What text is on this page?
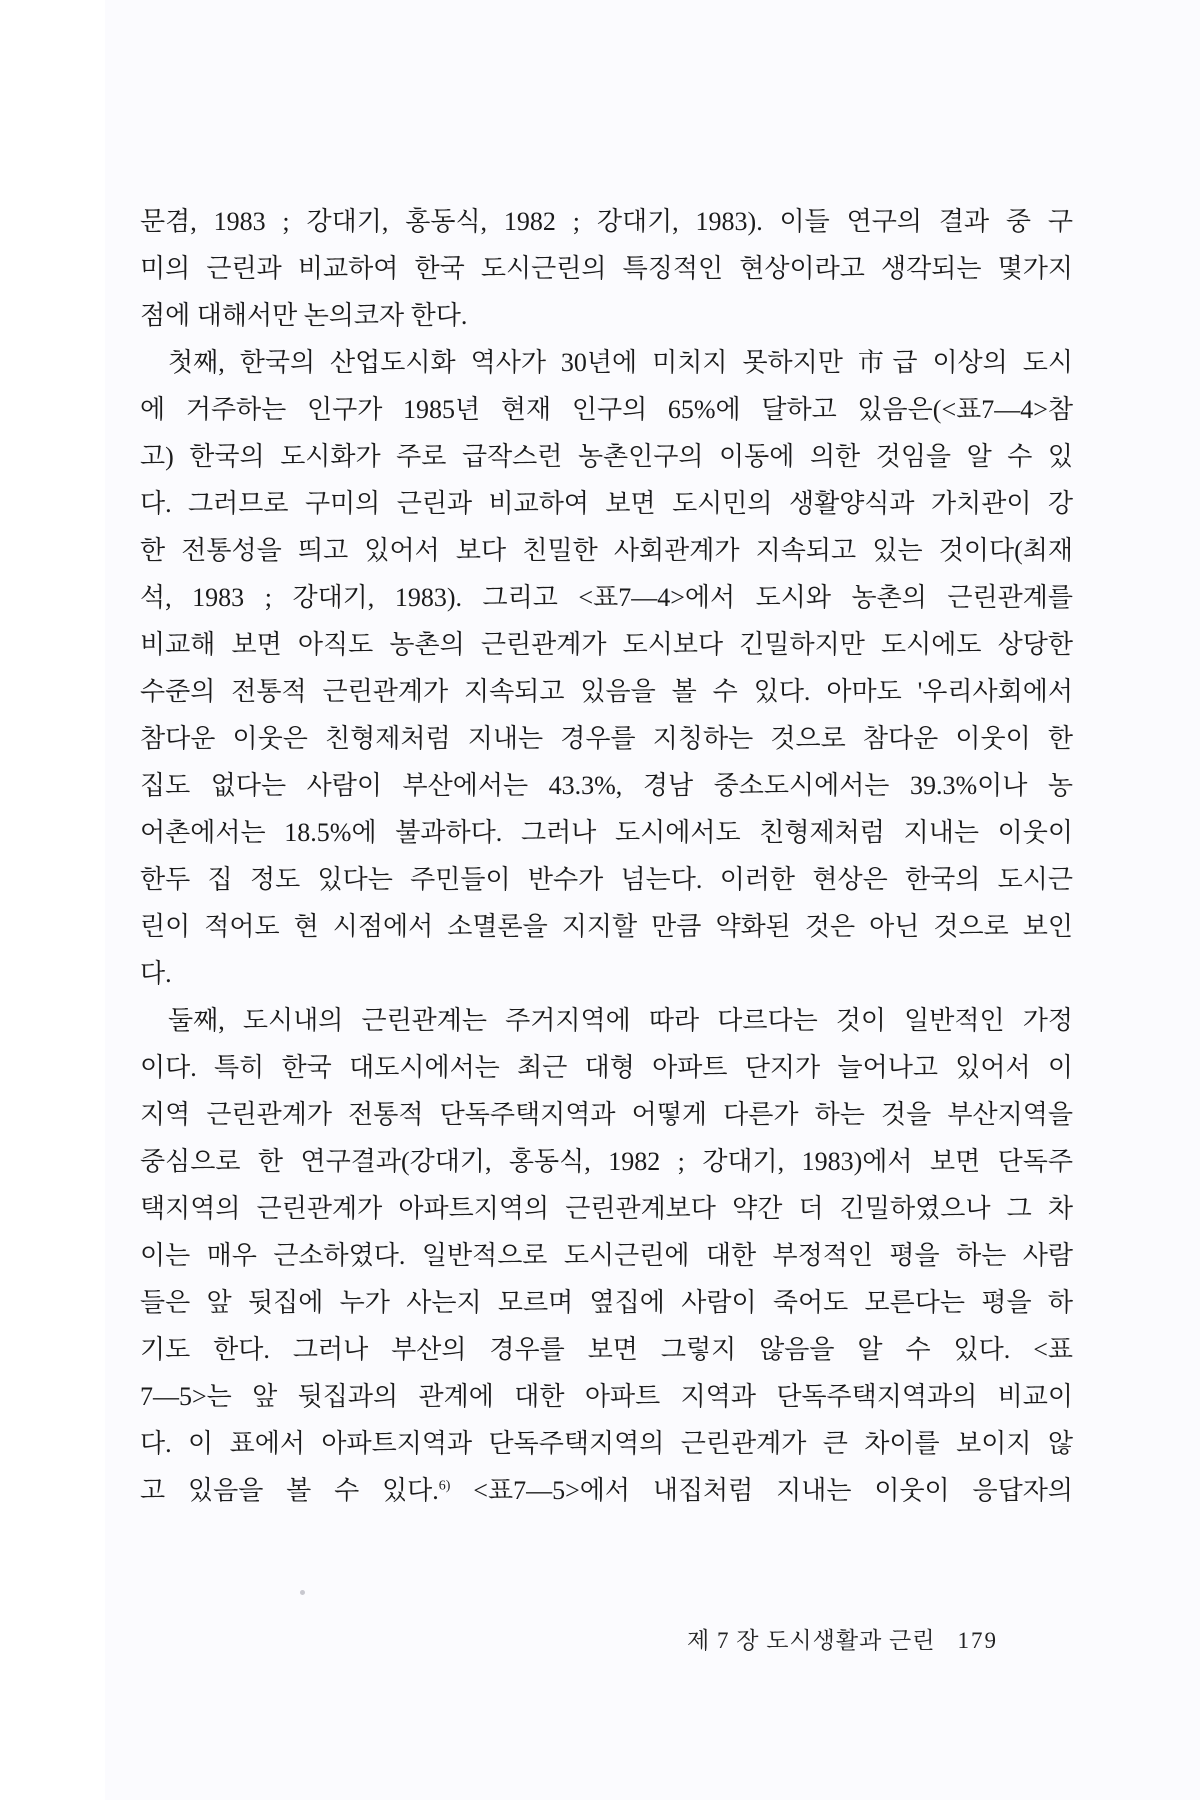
문겸, 1983 ; 강대기, 홍동식, 1982 ; 강대기, 1983). 이들 연구의 결과 중 구
미의 근린과 비교하여 한국 도시근린의 특징적인 현상이라고 생각되는 몇가지
점에 대해서만 논의코자 한다.
첫째, 한국의 산업도시화 역사가 30년에 미치지 못하지만 市급 이상의 도시
에 거주하는 인구가 1985년 현재 인구의 65%에 달하고 있음은(<표7—4>참
고) 한국의 도시화가 주로 급작스런 농촌인구의 이동에 의한 것임을 알 수 있
다. 그러므로 구미의 근린과 비교하여 보면 도시민의 생활양식과 가치관이 강
한 전통성을 띄고 있어서 보다 친밀한 사회관계가 지속되고 있는 것이다(최재
석, 1983 ; 강대기, 1983). 그리고 <표7—4>에서 도시와 농촌의 근린관계를
비교해 보면 아직도 농촌의 근린관계가 도시보다 긴밀하지만 도시에도 상당한
수준의 전통적 근린관계가 지속되고 있음을 볼 수 있다. 아마도 '우리사회에서
참다운 이웃은 친형제처럼 지내는 경우를 지칭하는 것으로 참다운 이웃이 한
집도 없다는 사람이 부산에서는 43.3%, 경남 중소도시에서는 39.3%이나 농
어촌에서는 18.5%에 불과하다. 그러나 도시에서도 친형제처럼 지내는 이웃이
한두 집 정도 있다는 주민들이 반수가 넘는다. 이러한 현상은 한국의 도시근
린이 적어도 현 시점에서 소멸론을 지지할 만큼 약화된 것은 아닌 것으로 보인
다.
둘째, 도시내의 근린관계는 주거지역에 따라 다르다는 것이 일반적인 가정
이다. 특히 한국 대도시에서는 최근 대형 아파트 단지가 늘어나고 있어서 이
지역 근린관계가 전통적 단독주택지역과 어떻게 다른가 하는 것을 부산지역을
중심으로 한 연구결과(강대기, 홍동식, 1982 ; 강대기, 1983)에서 보면 단독주
택지역의 근린관계가 아파트지역의 근린관계보다 약간 더 긴밀하였으나 그 차
이는 매우 근소하였다. 일반적으로 도시근린에 대한 부정적인 평을 하는 사람
들은 앞 뒷집에 누가 사는지 모르며 옆집에 사람이 죽어도 모른다는 평을 하
기도 한다. 그러나 부산의 경우를 보면 그렇지 않음을 알 수 있다. <표
7—5>는 앞 뒷집과의 관계에 대한 아파트 지역과 단독주택지역과의 비교이
다. 이 표에서 아파트지역과 단독주택지역의 근린관계가 큰 차이를 보이지 않
고 있음을 볼 수 있다.$^{6)}$ <표7—5>에서 내집처럼 지내는 이웃이 응답자의
제 7 장 도시생활과 근린 179
